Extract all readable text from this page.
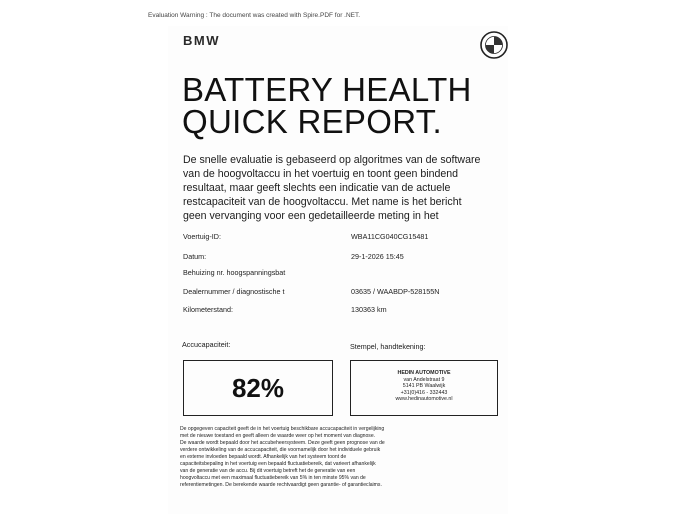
Evaluation Warning : The document was created with Spire.PDF for .NET.
BMW
BATTERY HEALTH
QUICK REPORT.
De snelle evaluatie is gebaseerd op algoritmes van de software van de hoogvoltaccu in het voertuig en toont geen bindend resultaat, maar geeft slechts een indicatie van de actuele restcapaciteit van de hoogvoltaccu. Met name is het bericht geen vervanging voor een gedetailleerde meting in het
Voertuig-ID:	WBA11CG040CG15481
Datum:	29-1-2026 15:45
Behuizing nr. hoogspanningsbat
Dealernummer / diagnostische t	03635 / WAABDP-528155N
Kilometerstand:	130363 km
Accucapaciteit:	Stempel, handtekening:
82%	HEDIN AUTOMOTIVE
van Andelstraat 9
5141 PB Waalwijk
+31(0)416 - 332443
www.hedinautomotive.nl
De opgegeven capaciteit geeft de in het voertuig beschikbare accucapaciteit in vergelijking
met de nieuwe toestand en geeft alleen de waarde weer op het moment van diagnose.
De waarde wordt bepaald door het accubeheersysteem. Deze geeft geen prognose van de
verdere ontwikkeling van de accucapaciteit, die voornamelijk door het individuele gebruik
en externe invloeden bepaald wordt. Afhankelijk van het systeem toont de
capaciteitsbepaling in het voertuig een bepaald fluctuatiebereik, dat varieert afhankelijk
van de generatie van de accu. Bij dit voertuig betreft het de generatie van een
hoogvoltaccu met een maximaal fluctuatiebereik van 5% in ten minste 95% van de
referentiemetingen. De berekende waarde rechtvaardigt geen garantie- of garantieclaims.
